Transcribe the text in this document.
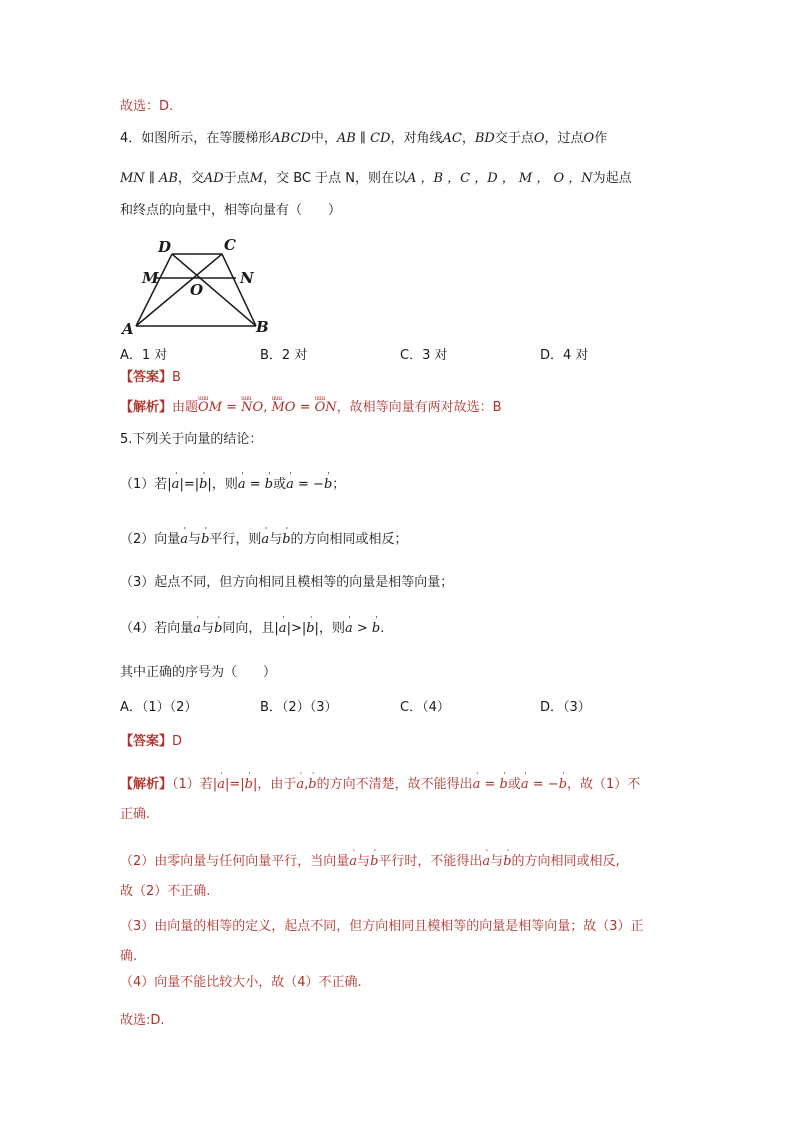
故选：D.
4．如图所示，在等腰梯形ABCD中，AB ∥ CD，对角线AC，BD交于点O，过点O作
MN ∥ AB，交AD于点M，交 BC 于点 N，则在以A ，B ，C ，D ， M ， O ，N为起点
和终点的向量中，相等向量有（　　）
D	C
M	N
O
A	B
A．1 对	B．2 对	C．3 对	D．4 对
【答案】B
【解析】由题uuu OM = uuu NO, uuu MO = uuu ON，故相等向量有两对故选：B
5.下列关于向量的结论：
（1）若|' a|=|' b|，则' a = ' b或' a = −' b；
（2）向量' a与' b平行，则' a与' b的方向相同或相反；
（3）起点不同，但方向相同且模相等的向量是相等向量；
（4）若向量' a与' b同向，且|' a|>|' b|，则' a > ' b.
其中正确的序号为（　　）
A．（1）（2）	B．（2）（3）	C．（4）	D．（3）
【答案】D
【解析】（1）若|' a|=|' b|，由于' a,' b的方向不清楚，故不能得出' a = ' b或' a = −' b，故（1）不
正确.
（2）由零向量与任何向量平行，当向量' a与' b平行时，不能得出' a与' b的方向相同或相反,
故（2）不正确.
（3）由向量的相等的定义，起点不同，但方向相同且模相等的向量是相等向量；故（3）正
确.
（4）向量不能比较大小，故（4）不正确.
故选:D.
